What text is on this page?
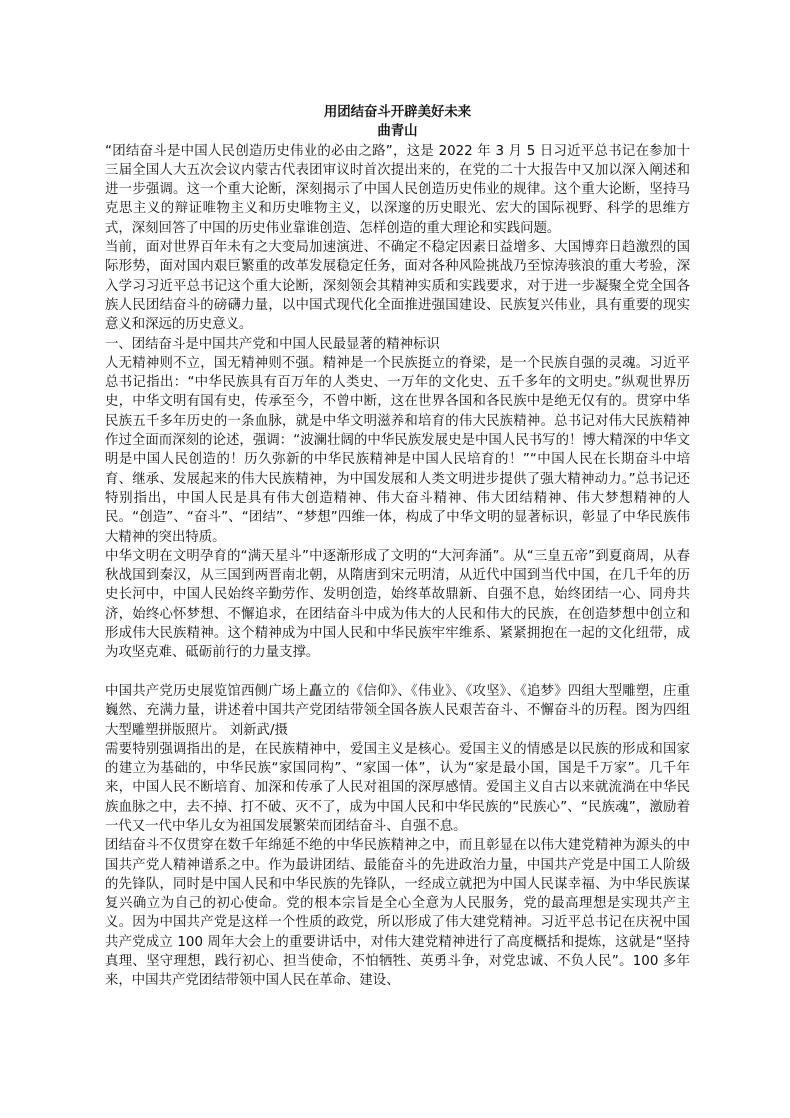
用团结奋斗开辟美好未来

曲青山

“团结奋斗是中国人民创造历史伟业的必由之路”，这是 2022 年 3 月 5 日习近平总书记在参加十三届全国人大五次会议内蒙古代表团审议时首次提出来的，在党的二十大报告中又加以深入阐述和进一步强调。这一个重大论断，深刻揭示了中国人民创造历史伟业的规律。这个重大论断，坚持马克思主义的辩证唯物主义和历史唯物主义，以深邃的历史眼光、宏大的国际视野、科学的思维方式，深刻回答了中国的历史伟业靠谁创造、怎样创造的重大理论和实践问题。

当前，面对世界百年未有之大变局加速演进、不确定不稳定因素日益增多、大国博弈日趋激烈的国际形势，面对国内艰巨繁重的改革发展稳定任务，面对各种风险挑战乃至惊涛骇浪的重大考验，深入学习习近平总书记这个重大论断，深刻领会其精神实质和实践要求，对于进一步凝聚全党全国各族人民团结奋斗的磅礴力量，以中国式现代化全面推进强国建设、民族复兴伟业，具有重要的现实意义和深远的历史意义。

一、团结奋斗是中国共产党和中国人民最显著的精神标识

人无精神则不立，国无精神则不强。精神是一个民族挺立的脊梁，是一个民族自强的灵魂。习近平总书记指出：“中华民族具有百万年的人类史、一万年的文化史、五千多年的文明史。”纵观世界历史，中华文明有国有史，传承至今，不曾中断，这在世界各国和各民族中是绝无仅有的。贯穿中华民族五千多年历史的一条血脉，就是中华文明滋养和培育的伟大民族精神。总书记对伟大民族精神作过全面而深刻的论述，强调：“波澜壮阔的中华民族发展史是中国人民书写的！博大精深的中华文明是中国人民创造的！历久弥新的中华民族精神是中国人民培育的！”“中国人民在长期奋斗中培育、继承、发展起来的伟大民族精神，为中国发展和人类文明进步提供了强大精神动力。”总书记还特别指出，中国人民是具有伟大创造精神、伟大奋斗精神、伟大团结精神、伟大梦想精神的人民。“创造”、“奋斗”、“团结”、“梦想”四维一体，构成了中华文明的显著标识，彰显了中华民族伟大精神的突出特质。

中华文明在文明孕育的“满天星斗”中逐渐形成了文明的“大河奔涌”。从“三皇五帝”到夏商周，从春秋战国到秦汉，从三国到两晋南北朝，从隋唐到宋元明清，从近代中国到当代中国，在几千年的历史长河中，中国人民始终辛勤劳作、发明创造，始终革故鼎新、自强不息，始终团结一心、同舟共济，始终心怀梦想、不懈追求，在团结奋斗中成为伟大的人民和伟大的民族，在创造梦想中创立和形成伟大民族精神。这个精神成为中国人民和中华民族牢牢维系、紧紧拥抱在一起的文化纽带，成为攻坚克难、砥砺前行的力量支撑。

中国共产党历史展览馆西侧广场上矗立的《信仰》、《伟业》、《攻坚》、《追梦》四组大型雕塑，庄重巍然、充满力量，讲述着中国共产党团结带领全国各族人民艰苦奋斗、不懈奋斗的历程。图为四组大型雕塑拼版照片。 刘新武/摄

需要特别强调指出的是，在民族精神中，爱国主义是核心。爱国主义的情感是以民族的形成和国家的建立为基础的，中华民族“家国同构”、“家国一体”，认为“家是最小国，国是千万家”。几千年来，中国人民不断培育、加深和传承了人民对祖国的深厚感情。爱国主义自古以来就流淌在中华民族血脉之中，去不掉、打不破、灭不了，成为中国人民和中华民族的“民族心”、“民族魂”，激励着一代又一代中华儿女为祖国发展繁荣而团结奋斗、自强不息。

团结奋斗不仅贯穿在数千年绵延不绝的中华民族精神之中，而且彰显在以伟大建党精神为源头的中国共产党人精神谱系之中。作为最讲团结、最能奋斗的先进政治力量，中国共产党是中国工人阶级的先锋队，同时是中国人民和中华民族的先锋队，一经成立就把为中国人民谋幸福、为中华民族谋复兴确立为自己的初心使命。党的根本宗旨是全心全意为人民服务，党的最高理想是实现共产主义。因为中国共产党是这样一个性质的政党，所以形成了伟大建党精神。习近平总书记在庆祝中国共产党成立 100 周年大会上的重要讲话中，对伟大建党精神进行了高度概括和提炼，这就是“坚持真理、坚守理想，践行初心、担当使命，不怕牺牲、英勇斗争，对党忠诚、不负人民”。100 多年来，中国共产党团结带领中国人民在革命、建设、
